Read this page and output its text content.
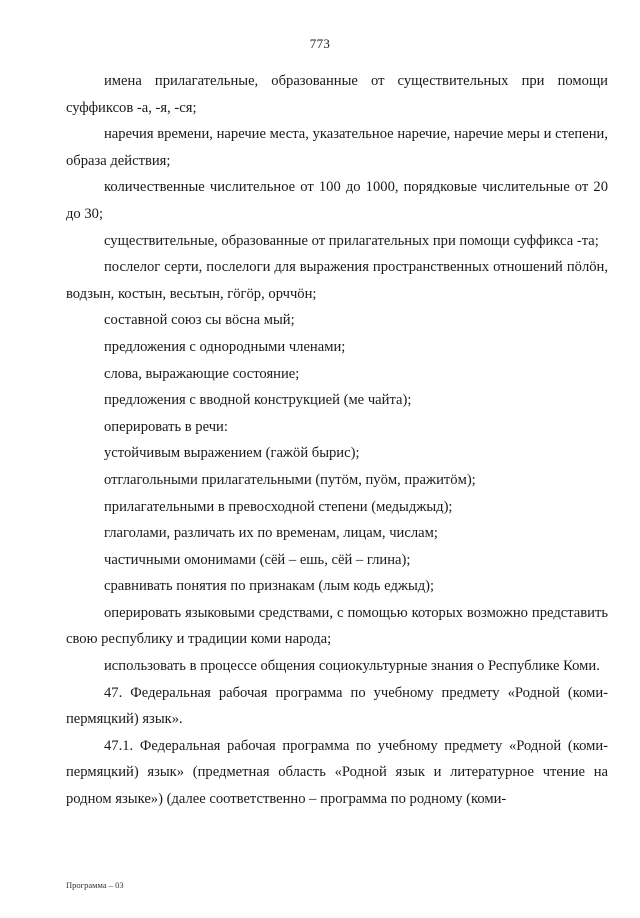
773

имена прилагательные, образованные от существительных при помощи суффиксов -а, -я, -ся;

наречия времени, наречие места, указательное наречие, наречие меры и степени, образа действия;

количественные числительное от 100 до 1000, порядковые числительные от 20 до 30;

существительные, образованные от прилагательных при помощи суффикса -та;

послелог серти, послелоги для выражения пространственных отношений пӧлӧн, водзын, костын, весьтын, гӧгӧр, орччӧн;

составной союз сы вӧсна мый;

предложения с однородными членами;

слова, выражающие состояние;

предложения с вводной конструкцией (ме чайта);

оперировать в речи:

устойчивым выражением (гажӧй бырис);

отглагольными прилагательными (путӧм, пуӧм, пражитӧм);

прилагательными в превосходной степени (медыджыд);

глаголами, различать их по временам, лицам, числам;

частичными омонимами (сёй – ешь, сёй – глина);

сравнивать понятия по признакам (лым кодь еджыд);

оперировать языковыми средствами, с помощью которых возможно представить свою республику и традиции коми народа;

использовать в процессе общения социокультурные знания о Республике Коми.

47. Федеральная рабочая программа по учебному предмету «Родной (коми-пермяцкий) язык».

47.1. Федеральная рабочая программа по учебному предмету «Родной (коми-пермяцкий) язык» (предметная область «Родной язык и литературное чтение на родном языке») (далее соответственно – программа по родному (коми-

Программа – 03
